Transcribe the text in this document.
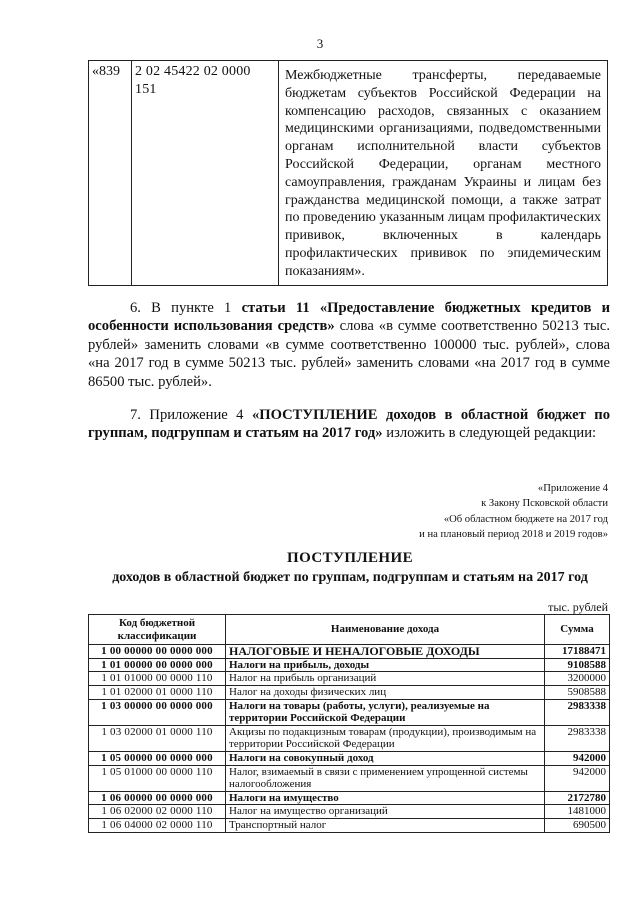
3
«839	2 02 45422 02 0000 151	Межбюджетные трансферты, передаваемые бюджетам субъектов Российской Федерации на компенсацию расходов, связанных с оказанием медицинскими организациями, подведомственными органам исполнительной власти субъектов Российской Федерации, органам местного самоуправления, гражданам Украины и лицам без гражданства медицинской помощи, а также затрат по проведению указанным лицам профилактических прививок, включенных в календарь профилактических прививок по эпидемическим показаниям».
6. В пункте 1 статьи 11 «Предоставление бюджетных кредитов и особенности использования средств» слова «в сумме соответственно 50213 тыс. рублей» заменить словами «в сумме соответственно 100000 тыс. рублей», слова «на 2017 год в сумме 50213 тыс. рублей» заменить словами «на 2017 год в сумме 86500 тыс. рублей».
7. Приложение 4 «ПОСТУПЛЕНИЕ доходов в областной бюджет по группам, подгруппам и статьям на 2017 год» изложить в следующей редакции:
«Приложение 4
к Закону Псковской области
«Об областном бюджете на 2017 год
и на плановый период 2018 и 2019 годов»
ПОСТУПЛЕНИЕ
доходов в областной бюджет по группам, подгруппам и статьям на 2017 год
тыс. рублей
Код бюджетной классификации	Наименование дохода	Сумма
1 00 00000 00 0000 000	НАЛОГОВЫЕ И НЕНАЛОГОВЫЕ ДОХОДЫ	17188471
1 01 00000 00 0000 000	Налоги на прибыль, доходы	9108588
1 01 01000 00 0000 110	Налог на прибыль организаций	3200000
1 01 02000 01 0000 110	Налог на доходы физических лиц	5908588
1 03 00000 00 0000 000	Налоги на товары (работы, услуги), реализуемые на территории Российской Федерации	2983338
1 03 02000 01 0000 110	Акцизы по подакцизным товарам (продукции), производимым на территории Российской Федерации	2983338
1 05 00000 00 0000 000	Налоги на совокупный доход	942000
1 05 01000 00 0000 110	Налог, взимаемый в связи с применением упрощенной системы налогообложения	942000
1 06 00000 00 0000 000	Налоги на имущество	2172780
1 06 02000 02 0000 110	Налог на имущество организаций	1481000
1 06 04000 02 0000 110	Транспортный налог	690500
